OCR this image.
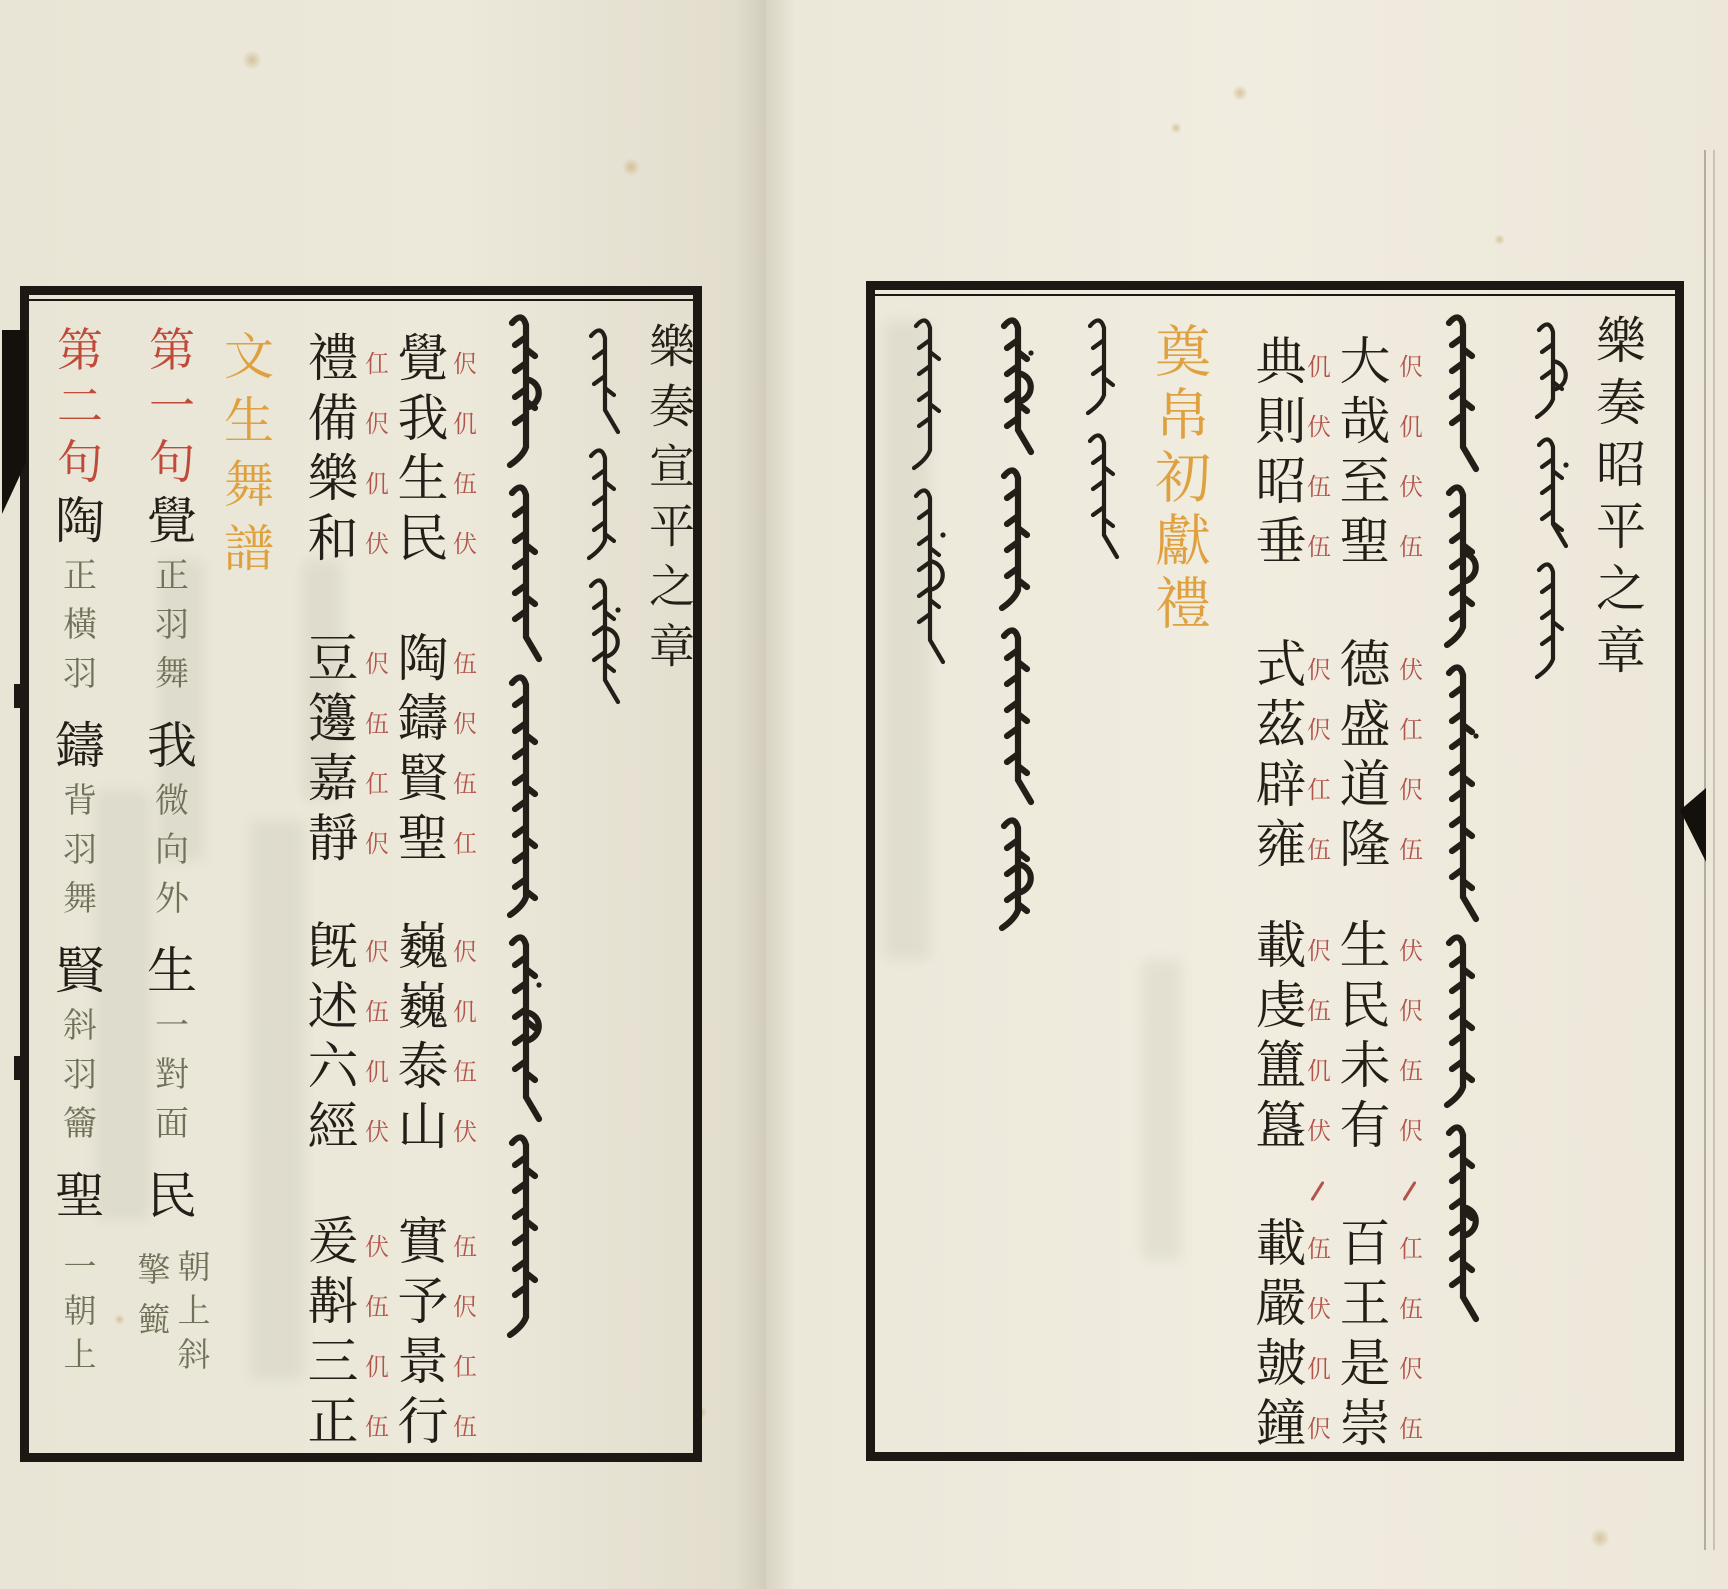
樂奏昭平之章
樂奏宣平之章	奠帛初獻禮
文生舞譜	大
哉
至
聖
伬
仉
伏
伍
德
盛
道
隆
伏
仜
伬
伍
生
民
未
有
伏
伬
伍
伬
百
王
是
崇
仜
伍
伬
伍
典
則
昭
垂
仉
伏
伍
伍
式
茲
辟
雍
伬
伬
仜
伍
載
虔
簠
簋
伬
伍
仉
伏
載
嚴
皷
鐘
伍
伏
仉
伬
覺
我
生
民
伬
仉
伍
伏
陶
鑄
賢
聖
伍
伬
伍
仜
巍
巍
泰
山
伬
仉
伍
伏
實
予
景
行
伍
伬
仜
伍
禮
備
樂
和
仜
伬
仉
伏
豆
籩
嘉
靜
伬
伍
仜
伬
旣
述
六
經
伬
伍
仉
伏
爰
斠
三
正
伏
伍
仉
伍
第
一
句
覺
正
羽
舞
我
微
向
外
生
一
對
面
民
朝
上
斜
擎
籈
第
二
句
陶
正
橫
羽
鑄
背
羽
舞
賢
斜
羽
籥
聖
一
朝
上
